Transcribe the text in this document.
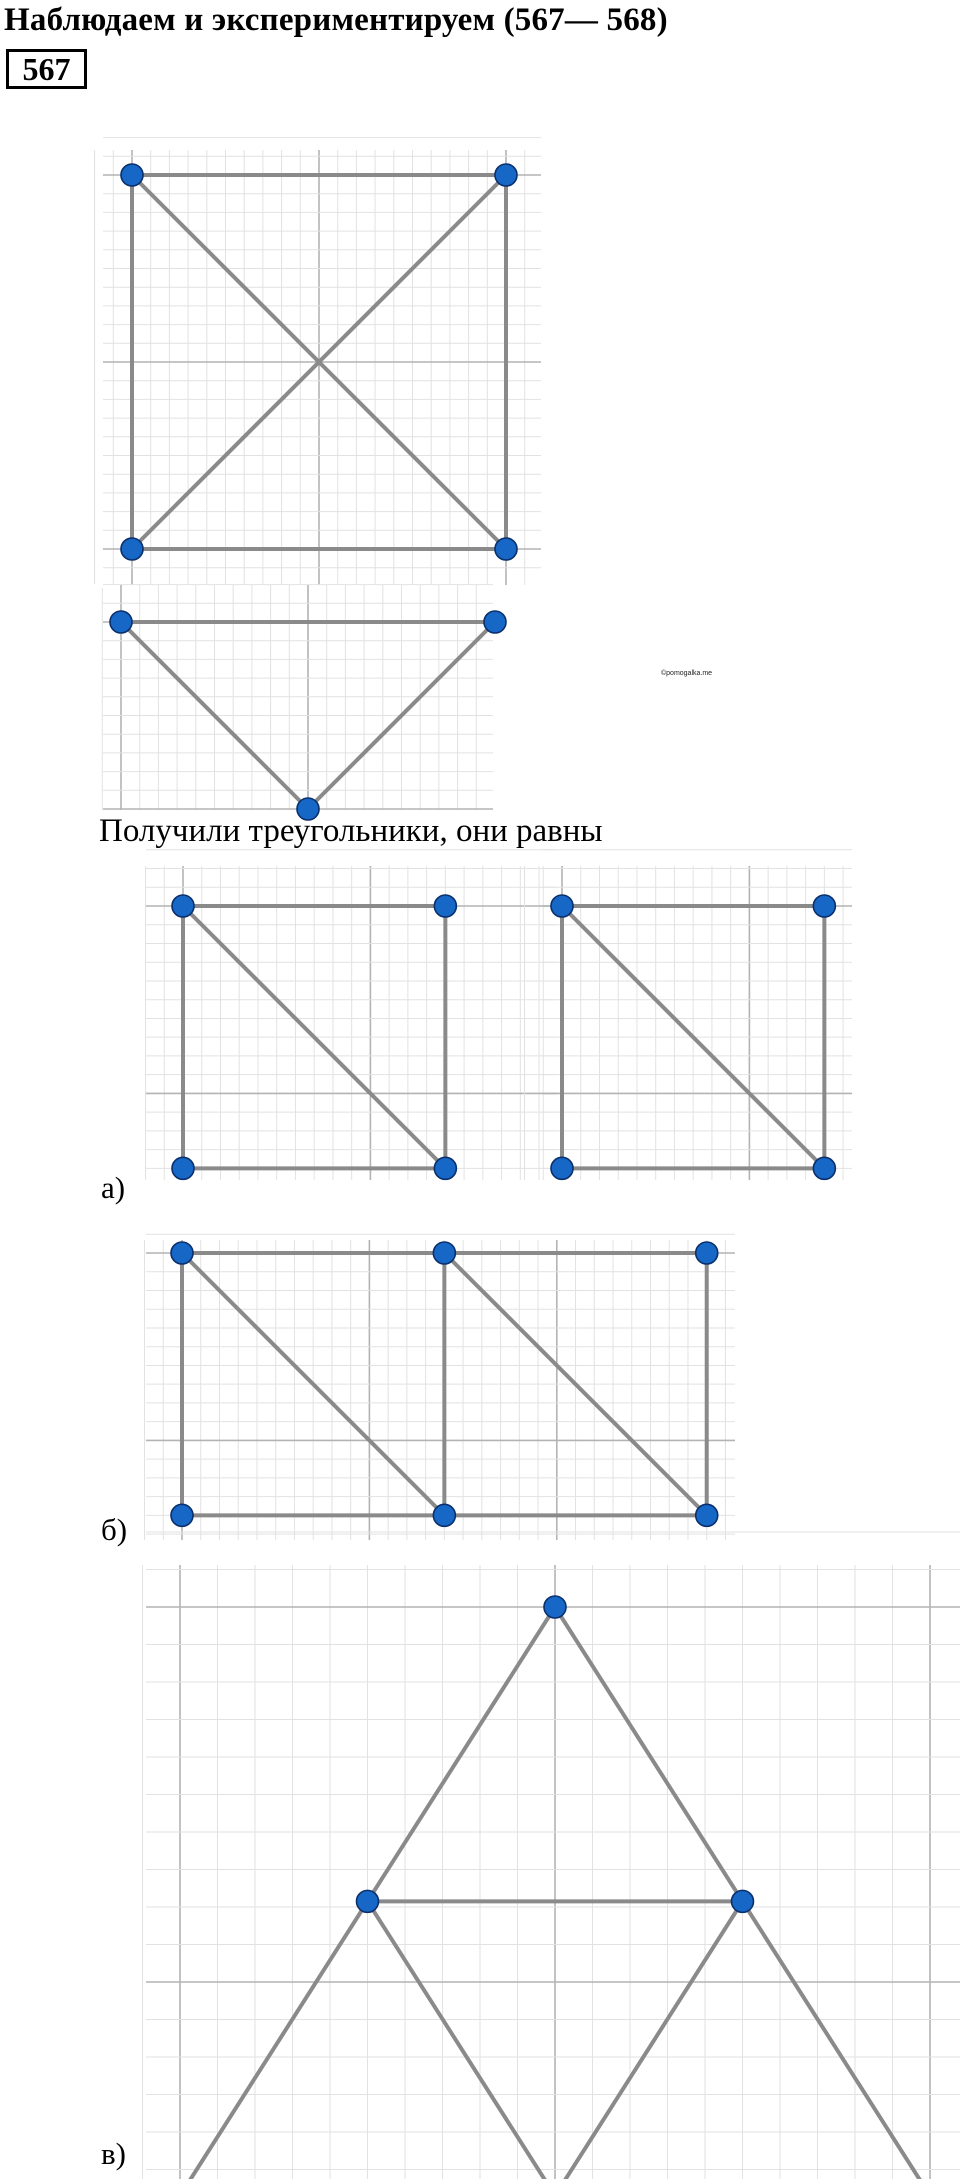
Наблюдаем и экспериментируем (567— 568)
567
©pomogalka.me
Получили треугольники, они равны
а)
б)
в)
